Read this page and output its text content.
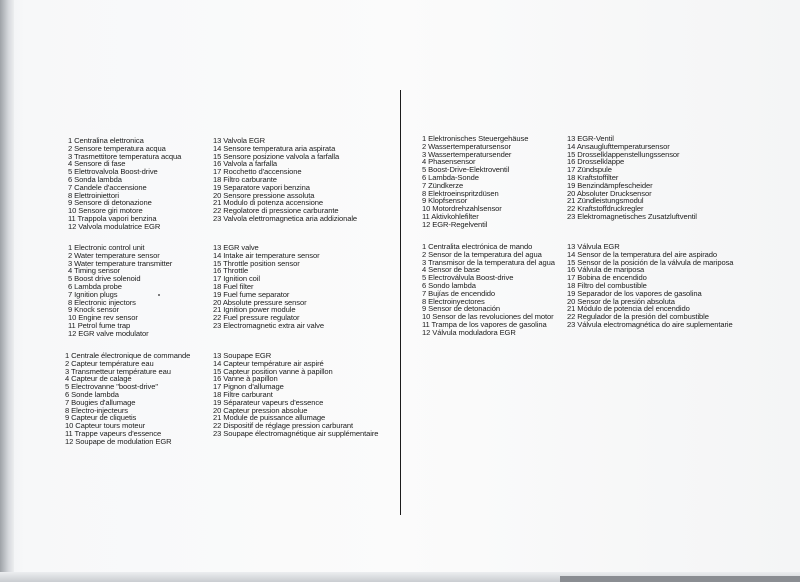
1 Centralina elettronica
2 Sensore temperatura acqua
3 Trasmettitore temperatura acqua
4 Sensore di fase
5 Elettrovalvola Boost-drive
6 Sonda lambda
7 Candele d'accensione
8 Elettroiniettori
9 Sensore di detonazione
10 Sensore giri motore
11 Trappola vapori benzina
12 Valvola modulatrice EGR
13 Valvola EGR
14 Sensore temperatura aria aspirata
15 Sensore posizione valvola a farfalla
16 Valvola a farfalla
17 Rocchetto d'accensione
18 Filtro carburante
19 Separatore vapori benzina
20 Sensore pressione assoluta
21 Modulo di potenza accensione
22 Regolatore di pressione carburante
23 Valvola elettromagnetica aria addizionale
1 Electronic control unit
2 Water temperature sensor
3 Water temperature transmitter
4 Timing sensor
5 Boost drive solenoid
6 Lambda probe
7 Ignition plugs
8 Electronic injectors
9 Knock sensor
10 Engine rev sensor
11 Petrol fume trap
12 EGR valve modulator
13 EGR valve
14 Intake air temperature sensor
15 Throttle position sensor
16 Throttle
17 Ignition coil
18 Fuel filter
19 Fuel fume separator
20 Absolute pressure sensor
21 Ignition power module
22 Fuel pressure regulator
23 Electromagnetic extra air valve
1 Centrale électronique de commande
2 Capteur température eau
3 Transmetteur température eau
4 Capteur de calage
5 Electrovanne "boost-drive"
6 Sonde lambda
7 Bougies d'allumage
8 Electro-injecteurs
9 Capteur de cliquetis
10 Capteur tours moteur
11 Trappe vapeurs d'essence
12 Soupape de modulation EGR
13 Soupape EGR
14 Capteur température air aspiré
15 Capteur position vanne à papillon
16 Vanne à papillon
17 Pignon d'allumage
18 Filtre carburant
19 Séparateur vapeurs d'essence
20 Capteur pression absolue
21 Module de puissance allumage
22 Dispositif de réglage pression carburant
23 Soupape électromagnétique air supplémentaire
1 Elektronisches Steuergehäuse
2 Wassertemperatursensor
3 Wassertemperatursender
4 Phasensensor
5 Boost-Drive-Elektroventil
6 Lambda-Sonde
7 Zündkerze
8 Elektroeinspritzdüsen
9 Klopfsensor
10 Motordrehzahlsensor
11 Aktivkohlefilter
12 EGR-Regelventil
13 EGR-Ventil
14 Ansauglufttemperatursensor
15 Drosselklappenstellungssensor
16 Drosselklappe
17 Zündspule
18 Kraftstoffilter
19 Benzindämpfescheider
20 Absoluter Drucksensor
21 Zündleistungsmodul
22 Kraftstoffdruckregler
23 Elektromagnetisches Zusatzluftventil
1 Centralita electrónica de mando
2 Sensor de la temperatura del agua
3 Transmisor de la temperatura del agua
4 Sensor de base
5 Electroválvula Boost-drive
6 Sondo lambda
7 Bujías de encendido
8 Electroinyectores
9 Sensor de detonación
10 Sensor de las revoluciones del motor
11 Trampa de los vapores de gasolina
12 Válvula moduladora EGR
13 Válvula EGR
14 Sensor de la temperatura del aire aspirado
15 Sensor de la posición de la válvula de mariposa
16 Válvula de mariposa
17 Bobina de encendido
18 Filtro del combustible
19 Separador de los vapores de gasolina
20 Sensor de la presión absoluta
21 Módulo de potencia del encendido
22 Regulador de la presión del combustible
23 Válvula electromagnética do aire suplementarie
